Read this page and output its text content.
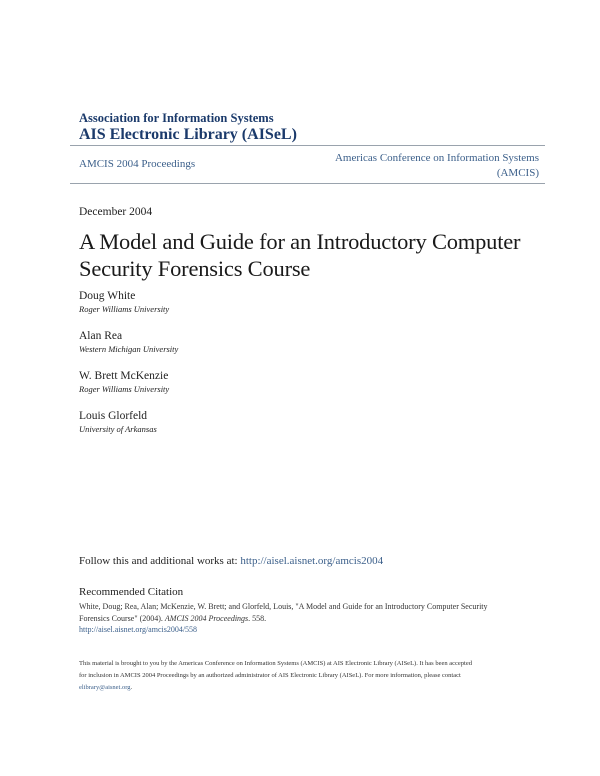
Association for Information Systems
AIS Electronic Library (AISeL)
AMCIS 2004 Proceedings	Americas Conference on Information Systems
(AMCIS)
December 2004
A Model and Guide for an Introductory Computer Security Forensics Course
Doug White
Roger Williams University
Alan Rea
Western Michigan University
W. Brett McKenzie
Roger Williams University
Louis Glorfeld
University of Arkansas
Follow this and additional works at: http://aisel.aisnet.org/amcis2004
Recommended Citation
White, Doug; Rea, Alan; McKenzie, W. Brett; and Glorfeld, Louis, "A Model and Guide for an Introductory Computer Security
Forensics Course" (2004). AMCIS 2004 Proceedings. 558.
http://aisel.aisnet.org/amcis2004/558
This material is brought to you by the Americas Conference on Information Systems (AMCIS) at AIS Electronic Library (AISeL). It has been accepted
for inclusion in AMCIS 2004 Proceedings by an authorized administrator of AIS Electronic Library (AISeL). For more information, please contact
elibrary@aisnet.org.
